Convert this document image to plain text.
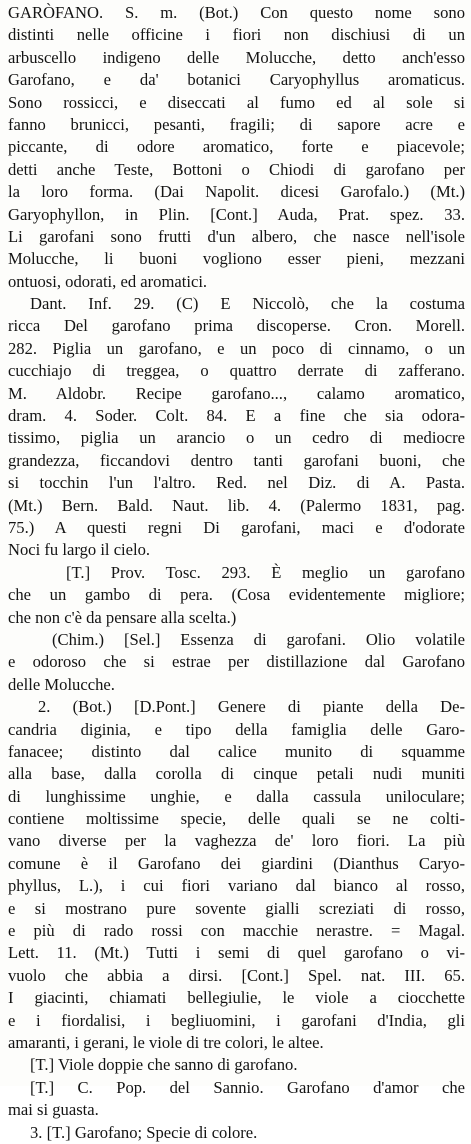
GARÒFANO. S. m. (Bot.) Con questo nome sono
distinti nelle officine i fiori non dischiusi di un
arbuscello indigeno delle Molucche, detto anch'esso
Garofano, e da' botanici Caryophyllus aromaticus.
Sono rossicci, e diseccati al fumo ed al sole si
fanno brunicci, pesanti, fragili; di sapore acre e
piccante, di odore aromatico, forte e piacevole;
detti anche Teste, Bottoni o Chiodi di garofano per
la loro forma. (Dai Napolit. dicesi Garofalo.) (Mt.)
Garyophyllon, in Plin. [Cont.] Auda, Prat. spez. 33.
Li garofani sono frutti d'un albero, che nasce nell'isole
Molucche, li buoni vogliono esser pieni, mezzani
ontuosi, odorati, ed aromatici.
Dant. Inf. 29. (C) E Niccolò, che la costuma
ricca Del garofano prima discoperse. Cron. Morell.
282. Piglia un garofano, e un poco di cinnamo, o un
cucchiajo di treggea, o quattro derrate di zafferano.
M. Aldobr. Recipe garofano..., calamo aromatico,
dram. 4. Soder. Colt. 84. E a fine che sia odora-
tissimo, piglia un arancio o un cedro di mediocre
grandezza, ficcandovi dentro tanti garofani buoni, che
si tocchin l'un l'altro. Red. nel Diz. di A. Pasta.
(Mt.) Bern. Bald. Naut. lib. 4. (Palermo 1831, pag.
75.) A questi regni Di garofani, maci e d'odorate
Noci fu largo il cielo.
[T.] Prov. Tosc. 293. È meglio un garofano
che un gambo di pera. (Cosa evidentemente migliore;
che non c'è da pensare alla scelta.)
(Chim.) [Sel.] Essenza di garofani. Olio volatile
e odoroso che si estrae per distillazione dal Garofano
delle Molucche.
2. (Bot.) [D.Pont.] Genere di piante della De-
candria diginia, e tipo della famiglia delle Garo-
fanacee; distinto dal calice munito di squamme
alla base, dalla corolla di cinque petali nudi muniti
di lunghissime unghie, e dalla cassula uniloculare;
contiene moltissime specie, delle quali se ne colti-
vano diverse per la vaghezza de' loro fiori. La più
comune è il Garofano dei giardini (Dianthus Caryo-
phyllus, L.), i cui fiori variano dal bianco al rosso,
e si mostrano pure sovente gialli screziati di rosso,
e più di rado rossi con macchie nerastre. = Magal.
Lett. 11. (Mt.) Tutti i semi di quel garofano o vi-
vuolo che abbia a dirsi. [Cont.] Spel. nat. III. 65.
I giacinti, chiamati bellegiulie, le viole a ciocchette
e i fiordalisi, i begliuomini, i garofani d'India, gli
amaranti, i gerani, le viole di tre colori, le altee.
[T.] Viole doppie che sanno di garofano.
[T.] C. Pop. del Sannio. Garofano d'amor che
mai si guasta.
3. [T.] Garofano; Specie di colore.
